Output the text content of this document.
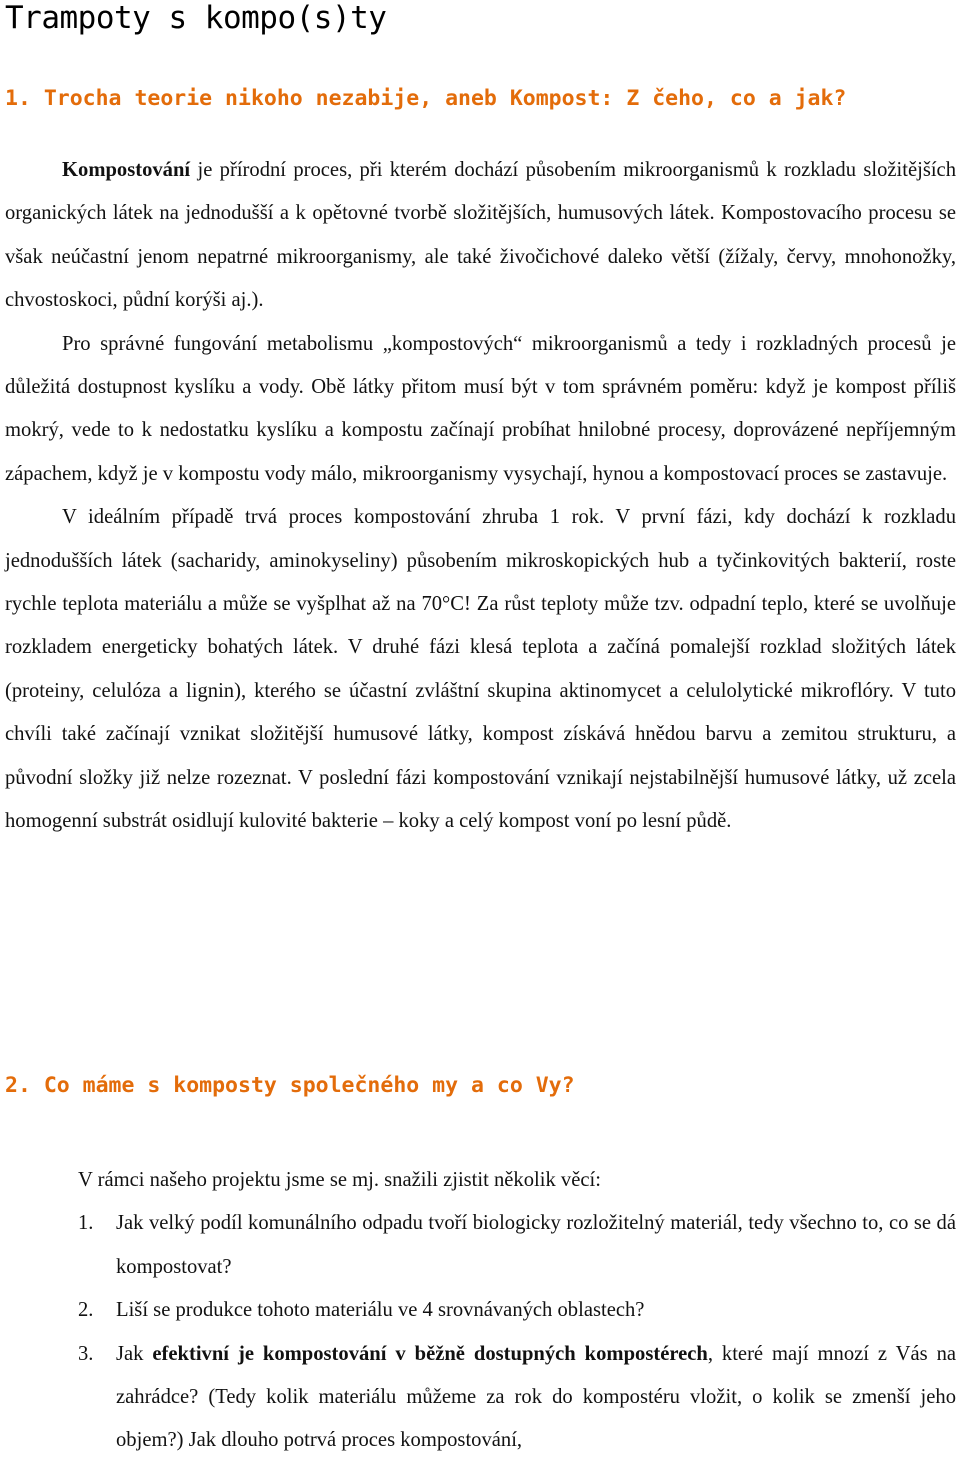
Trampoty s kompo(s)ty
1. Trocha teorie nikoho nezabije, aneb Kompost: Z čeho, co a jak?

Kompostování je přírodní proces, při kterém dochází působením mikroorganismů k rozkladu složitějších organických látek na jednodušší a k opětovné tvorbě složitějších, humusových látek. Kompostovacího procesu se však neúčastní jenom nepatrné mikroorganismy, ale také živočichové daleko větší (žížaly, červy, mnohonožky, chvostoskoci, půdní korýši aj.).

Pro správné fungování metabolismu „kompostových“ mikroorganismů a tedy i rozkladných procesů je důležitá dostupnost kyslíku a vody. Obě látky přitom musí být v tom správném poměru: když je kompost příliš mokrý, vede to k nedostatku kyslíku a kompostu začínají probíhat hnilobné procesy, doprovázené nepříjemným zápachem, když je v kompostu vody málo, mikroorganismy vysychají, hynou a kompostovací proces se zastavuje.

V ideálním případě trvá proces kompostování zhruba 1 rok. V první fázi, kdy dochází k rozkladu jednodušších látek (sacharidy, aminokyseliny) působením mikroskopických hub a tyčinkovitých bakterií, roste rychle teplota materiálu a může se vyšplhat až na 70°C! Za růst teploty může tzv. odpadní teplo, které se uvolňuje rozkladem energeticky bohatých látek. V druhé fázi klesá teplota a začíná pomalejší rozklad složitých látek (proteiny, celulóza a lignin), kterého se účastní zvláštní skupina aktinomycet a celulolytické mikroflóry. V tuto chvíli také začínají vznikat složitější humusové látky, kompost získává hnědou barvu a zemitou strukturu, a původní složky již nelze rozeznat. V poslední fázi kompostování vznikají nejstabilnější humusové látky, už zcela homogenní substrát osidlují kulovité bakterie – koky a celý kompost voní po lesní půdě.

2. Co máme s komposty společného my a co Vy?

V rámci našeho projektu jsme se mj. snažili zjistit několik věcí:

1. Jak velký podíl komunálního odpadu tvoří biologicky rozložitelný materiál, tedy všechno to, co se dá kompostovat?
2. Liší se produkce tohoto materiálu ve 4 srovnávaných oblastech?
3. Jak efektivní je kompostování v běžně dostupných kompostérech, které mají mnozí z Vás na zahrádce? (Tedy kolik materiálu můžeme za rok do kompostéru vložit, o kolik se zmenší jeho objem?) Jak dlouho potrvá proces kompostování,
